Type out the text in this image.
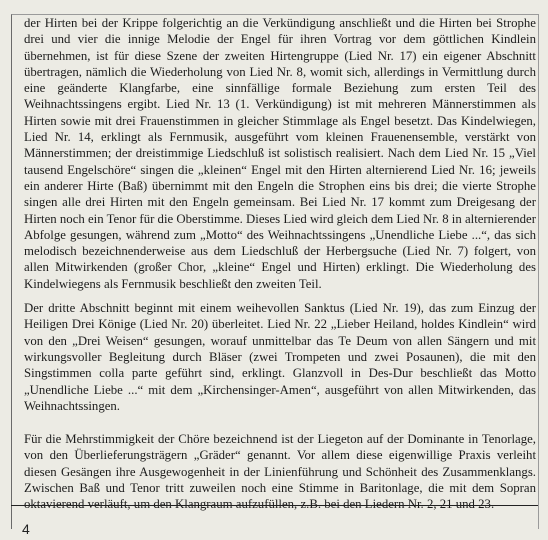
der Hirten bei der Krippe folgerichtig an die Verkündigung anschließt und die Hirten bei Strophe drei und vier die innige Melodie der Engel für ihren Vortrag vor dem göttlichen Kindlein übernehmen, ist für diese Szene der zweiten Hirtengruppe (Lied Nr. 17) ein eigener Abschnitt übertragen, nämlich die Wiederholung von Lied Nr. 8, womit sich, allerdings in Vermittlung durch eine geänderte Klangfarbe, eine sinnfällige formale Beziehung zum ersten Teil des Weihnachtssingens ergibt. Lied Nr. 13 (1. Verkündigung) ist mit mehreren Männerstimmen als Hirten sowie mit drei Frauenstimmen in gleicher Stimmlage als Engel besetzt. Das Kindelwiegen, Lied Nr. 14, erklingt als Fernmusik, ausgeführt vom kleinen Frauenensemble, verstärkt von Männerstimmen; der dreistimmige Liedschluß ist solistisch realisiert. Nach dem Lied Nr. 15 „Viel tausend Engelschöre“ singen die „kleinen“ Engel mit den Hirten alternierend Lied Nr. 16; jeweils ein anderer Hirte (Baß) übernimmt mit den Engeln die Strophen eins bis drei; die vierte Strophe singen alle drei Hirten mit den Engeln gemeinsam. Bei Lied Nr. 17 kommt zum Dreigesang der Hirten noch ein Tenor für die Oberstimme. Dieses Lied wird gleich dem Lied Nr. 8 in alternierender Abfolge gesungen, während zum „Motto“ des Weihnachtssingens „Unendliche Liebe ...“, das sich melodisch bezeichnenderweise aus dem Liedschluß der Herbergsuche (Lied Nr. 7) folgert, von allen Mitwirkenden (großer Chor, „kleine“ Engel und Hirten) erklingt. Die Wiederholung des Kindelwiegens als Fernmusik beschließt den zweiten Teil.

Der dritte Abschnitt beginnt mit einem weihevollen Sanktus (Lied Nr. 19), das zum Einzug der Heiligen Drei Könige (Lied Nr. 20) überleitet. Lied Nr. 22 „Lieber Heiland, holdes Kindlein“ wird von den „Drei Weisen“ gesungen, worauf unmittelbar das Te Deum von allen Sängern und mit wirkungsvoller Begleitung durch Bläser (zwei Trompeten und zwei Posaunen), die mit den Singstimmen colla parte geführt sind, erklingt. Glanzvoll in Des-Dur beschließt das Motto „Unendliche Liebe ...“ mit dem „Kirchensinger-Amen“, ausgeführt von allen Mitwirkenden, das Weihnachtssingen.

Für die Mehrstimmigkeit der Chöre bezeichnend ist der Liegeton auf der Dominante in Tenorlage, von den Überlieferungsträgern „Gräder“ genannt. Vor allem diese eigenwillige Praxis verleiht diesen Gesängen ihre Ausgewogenheit in der Linienführung und Schönheit des Zusammenklangs. Zwischen Baß und Tenor tritt zuweilen noch eine Stimme in Baritonlage, die mit dem Sopran oktavierend verläuft, um den Klangraum aufzufüllen, z.B. bei den Liedern Nr. 2, 21 und 23.

4
